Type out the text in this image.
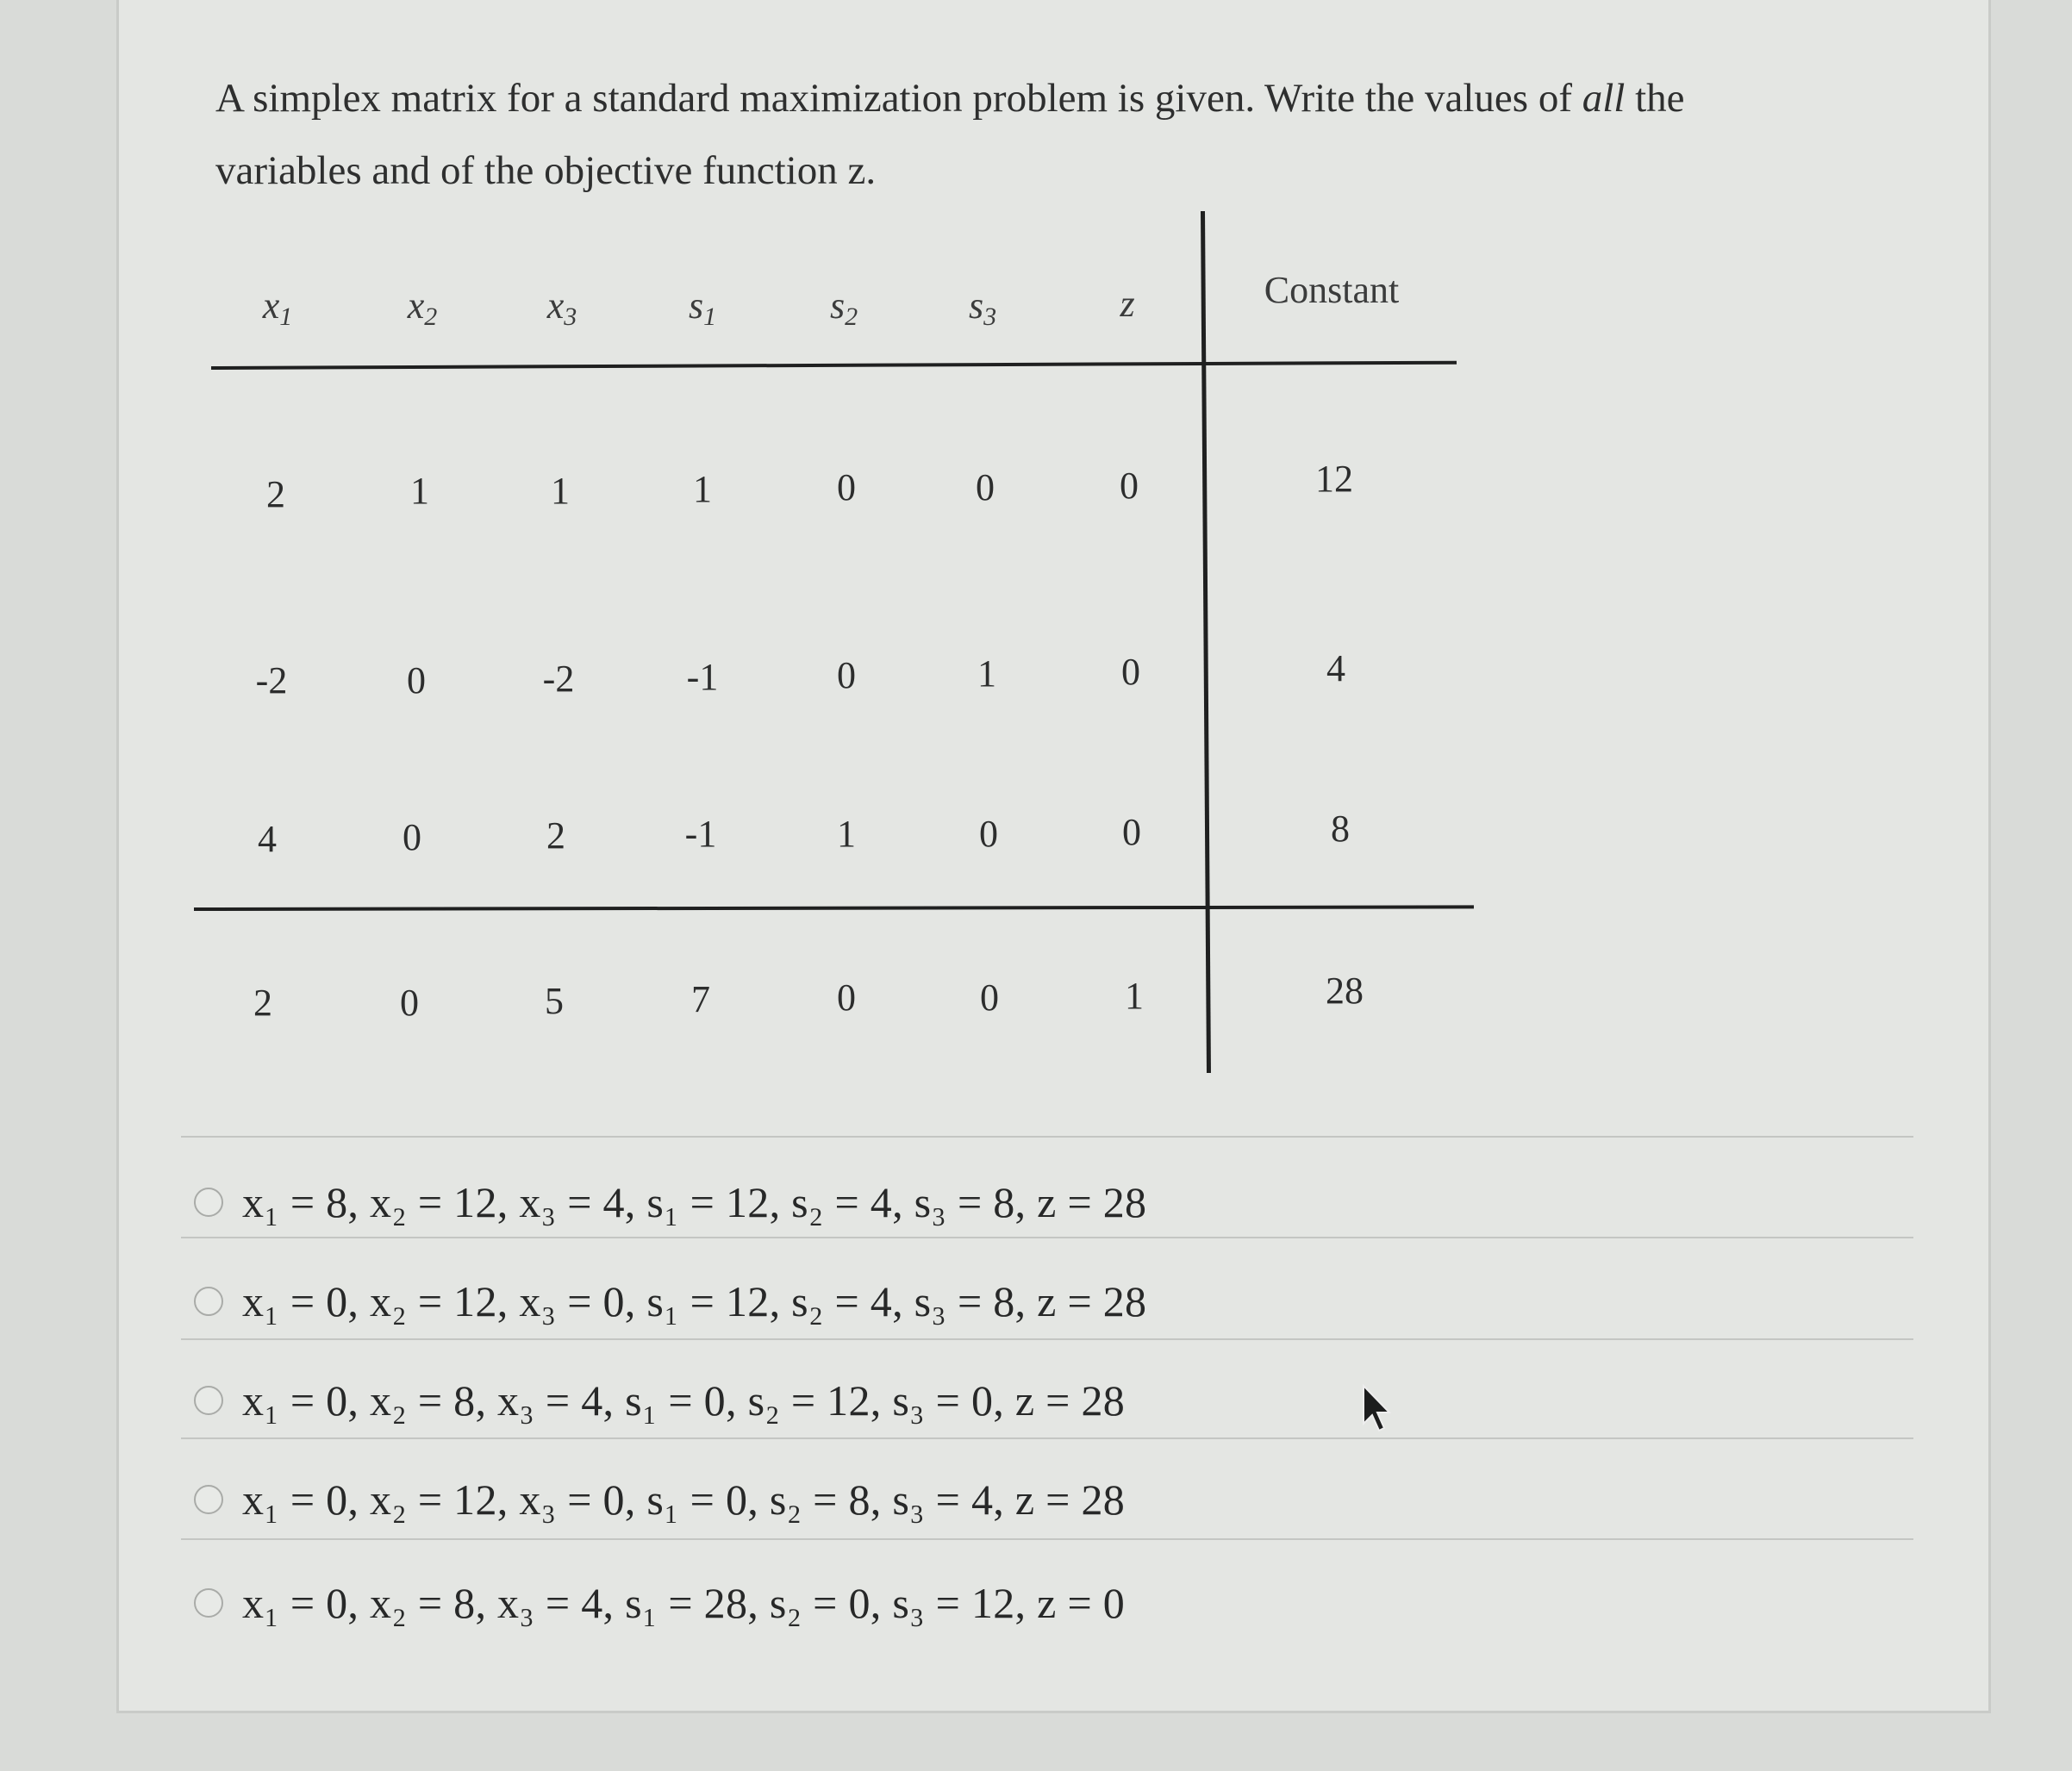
A simplex matrix for a standard maximization problem is given. Write the values of all the variables and of the objective function z.
$x_1$	$x_2$	$x_3$	$s_1$	$s_2$	$s_3$	z	Constant
2	1	1	1	0	0	0	12
-2	0	-2	-1	0	1	0	4
4	0	2	-1	1	0	0	8
2	0	5	7	0	0	1	28
x₁ = 8, x₂ = 12, x₃ = 4, s₁ = 12, s₂ = 4, s₃ = 8, z = 28
x₁ = 0, x₂ = 12, x₃ = 0, s₁ = 12, s₂ = 4, s₃ = 8, z = 28
x₁ = 0, x₂ = 8, x₃ = 4, s₁ = 0, s₂ = 12, s₃ = 0, z = 28
x₁ = 0, x₂ = 12, x₃ = 0, s₁ = 0, s₂ = 8, s₃ = 4, z = 28
x₁ = 0, x₂ = 8, x₃ = 4, s₁ = 28, s₂ = 0, s₃ = 12, z = 0
